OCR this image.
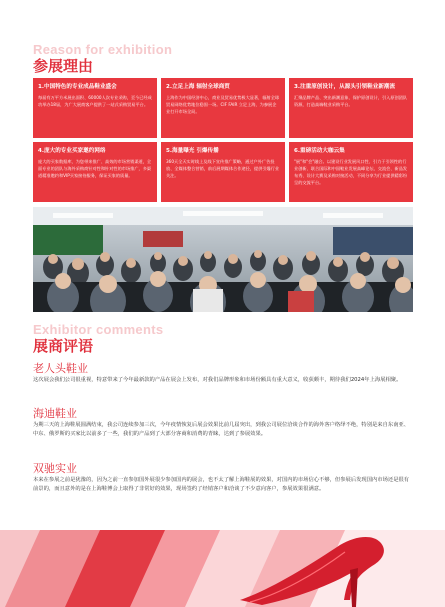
Reason for exhibition
参展理由
1.中国特色的专业成品鞋业盛会
每届有万平方米展出面积、60000人次专业采购，至今已经成功举办18届，为广大展商客户提供了一站式采购贸易平台。
2.立足上海 辐射全球商贸
上海作为中国经济中心，商业及贸易优势极大显著，辐射全球贸易网络优势地位稳固一场。CIF FAIR 立足上海，为参展企业打开市场全局。
3.注重原创设计，从源头引领鞋业新潮流
汇聚品牌产品、突出新潮意象、保护原创设计，引入原创团队资源，打造高端鞋业采购平台。
4.庞大的专业买家邀约网络
庞大的买家数据库，为您带来推广、高效的市场营销渠道，全面专业的团队与海外采购商针对性和针对性的市场推广，多渠道精准邀约和VIP买家接待服务，保证买家的质量。
5.海量曝光 引爆传播
360天全天实时线上及线下宣传推广策略，通过户外广告投放、全媒体整合营销，前后展期媒体合作途径，提供引爆行业关注。
6.重磅活动大咖云集
"展"和"会"融合。以建设行业发展风口性、引力于引领性的行业创新、联合国际和中国鞋业发展高峰论坛、交流会、新品发布秀、设计大赛及采购对接活动，不同分享为行业提供精彩纷呈的交流平台。
Exhibitor comments
展商评语
老人头鞋业
这次展会我们公司很重视，特意带来了今年最新款的产品在展会上发布，对我们品牌形象和市场份额具有重大意义，收获颇丰，期待我们2024年上海展相聚。
海迪鞋业
为期三天的上海鞋展圆满结束，我公司连续参加三次，今年疫情恢复后展会效果比前几届突出，到我公司展位洽谈合作的海外客户络绎不绝，特别是来自东南亚、中东、俄罗斯的买家比以前多了一些，我们的产品到了大部分客商和消费的青睐，达到了参展效果。
双驰实业
本来在参展之前是犹豫的，因为之前一直参加国外展很少参加国内的展会，也不太了解上海鞋展的效果，对国内的市场信心不够，但参展后发现国内市场还是很有前景的，而且意外的是在上海鞋博会上取得了非常好的效果，现场签约了经销客户和洽谈了不少意向客户，参展效果很满意。
